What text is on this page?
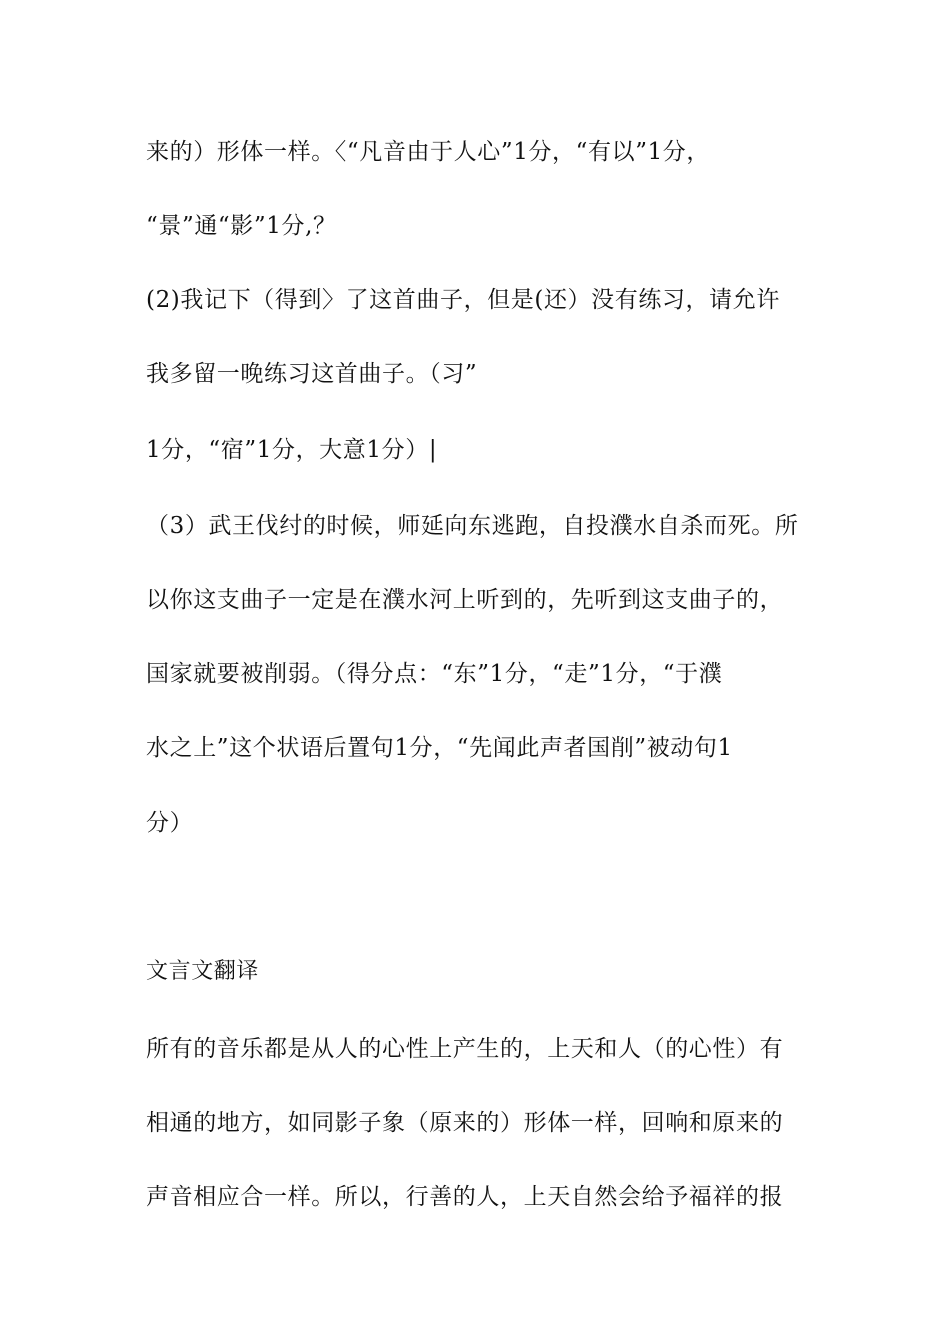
来的）形体一样。〈“凡音由于人心”1分，“有以”1分，
“景”通“影”1分,？
(2)我记下（得到〉了这首曲子，但是(还）没有练习，请允许
我多留一晚练习这首曲子。（习”
1分，“宿”1分，大意1分）|
（3）武王伐纣的时候，师延向东逃跑，自投濮水自杀而死。所
以你这支曲子一定是在濮水河上听到的，先听到这支曲子的，
国家就要被削弱。（得分点：“东”1分，“走”1分，“于濮
水之上”这个状语后置句1分，“先闻此声者国削”被动句1
分）
文言文翻译
所有的音乐都是从人的心性上产生的，上天和人（的心性）有
相通的地方，如同影子象（原来的）形体一样，回响和原来的
声音相应合一样。所以，行善的人，上天自然会给予福祥的报
